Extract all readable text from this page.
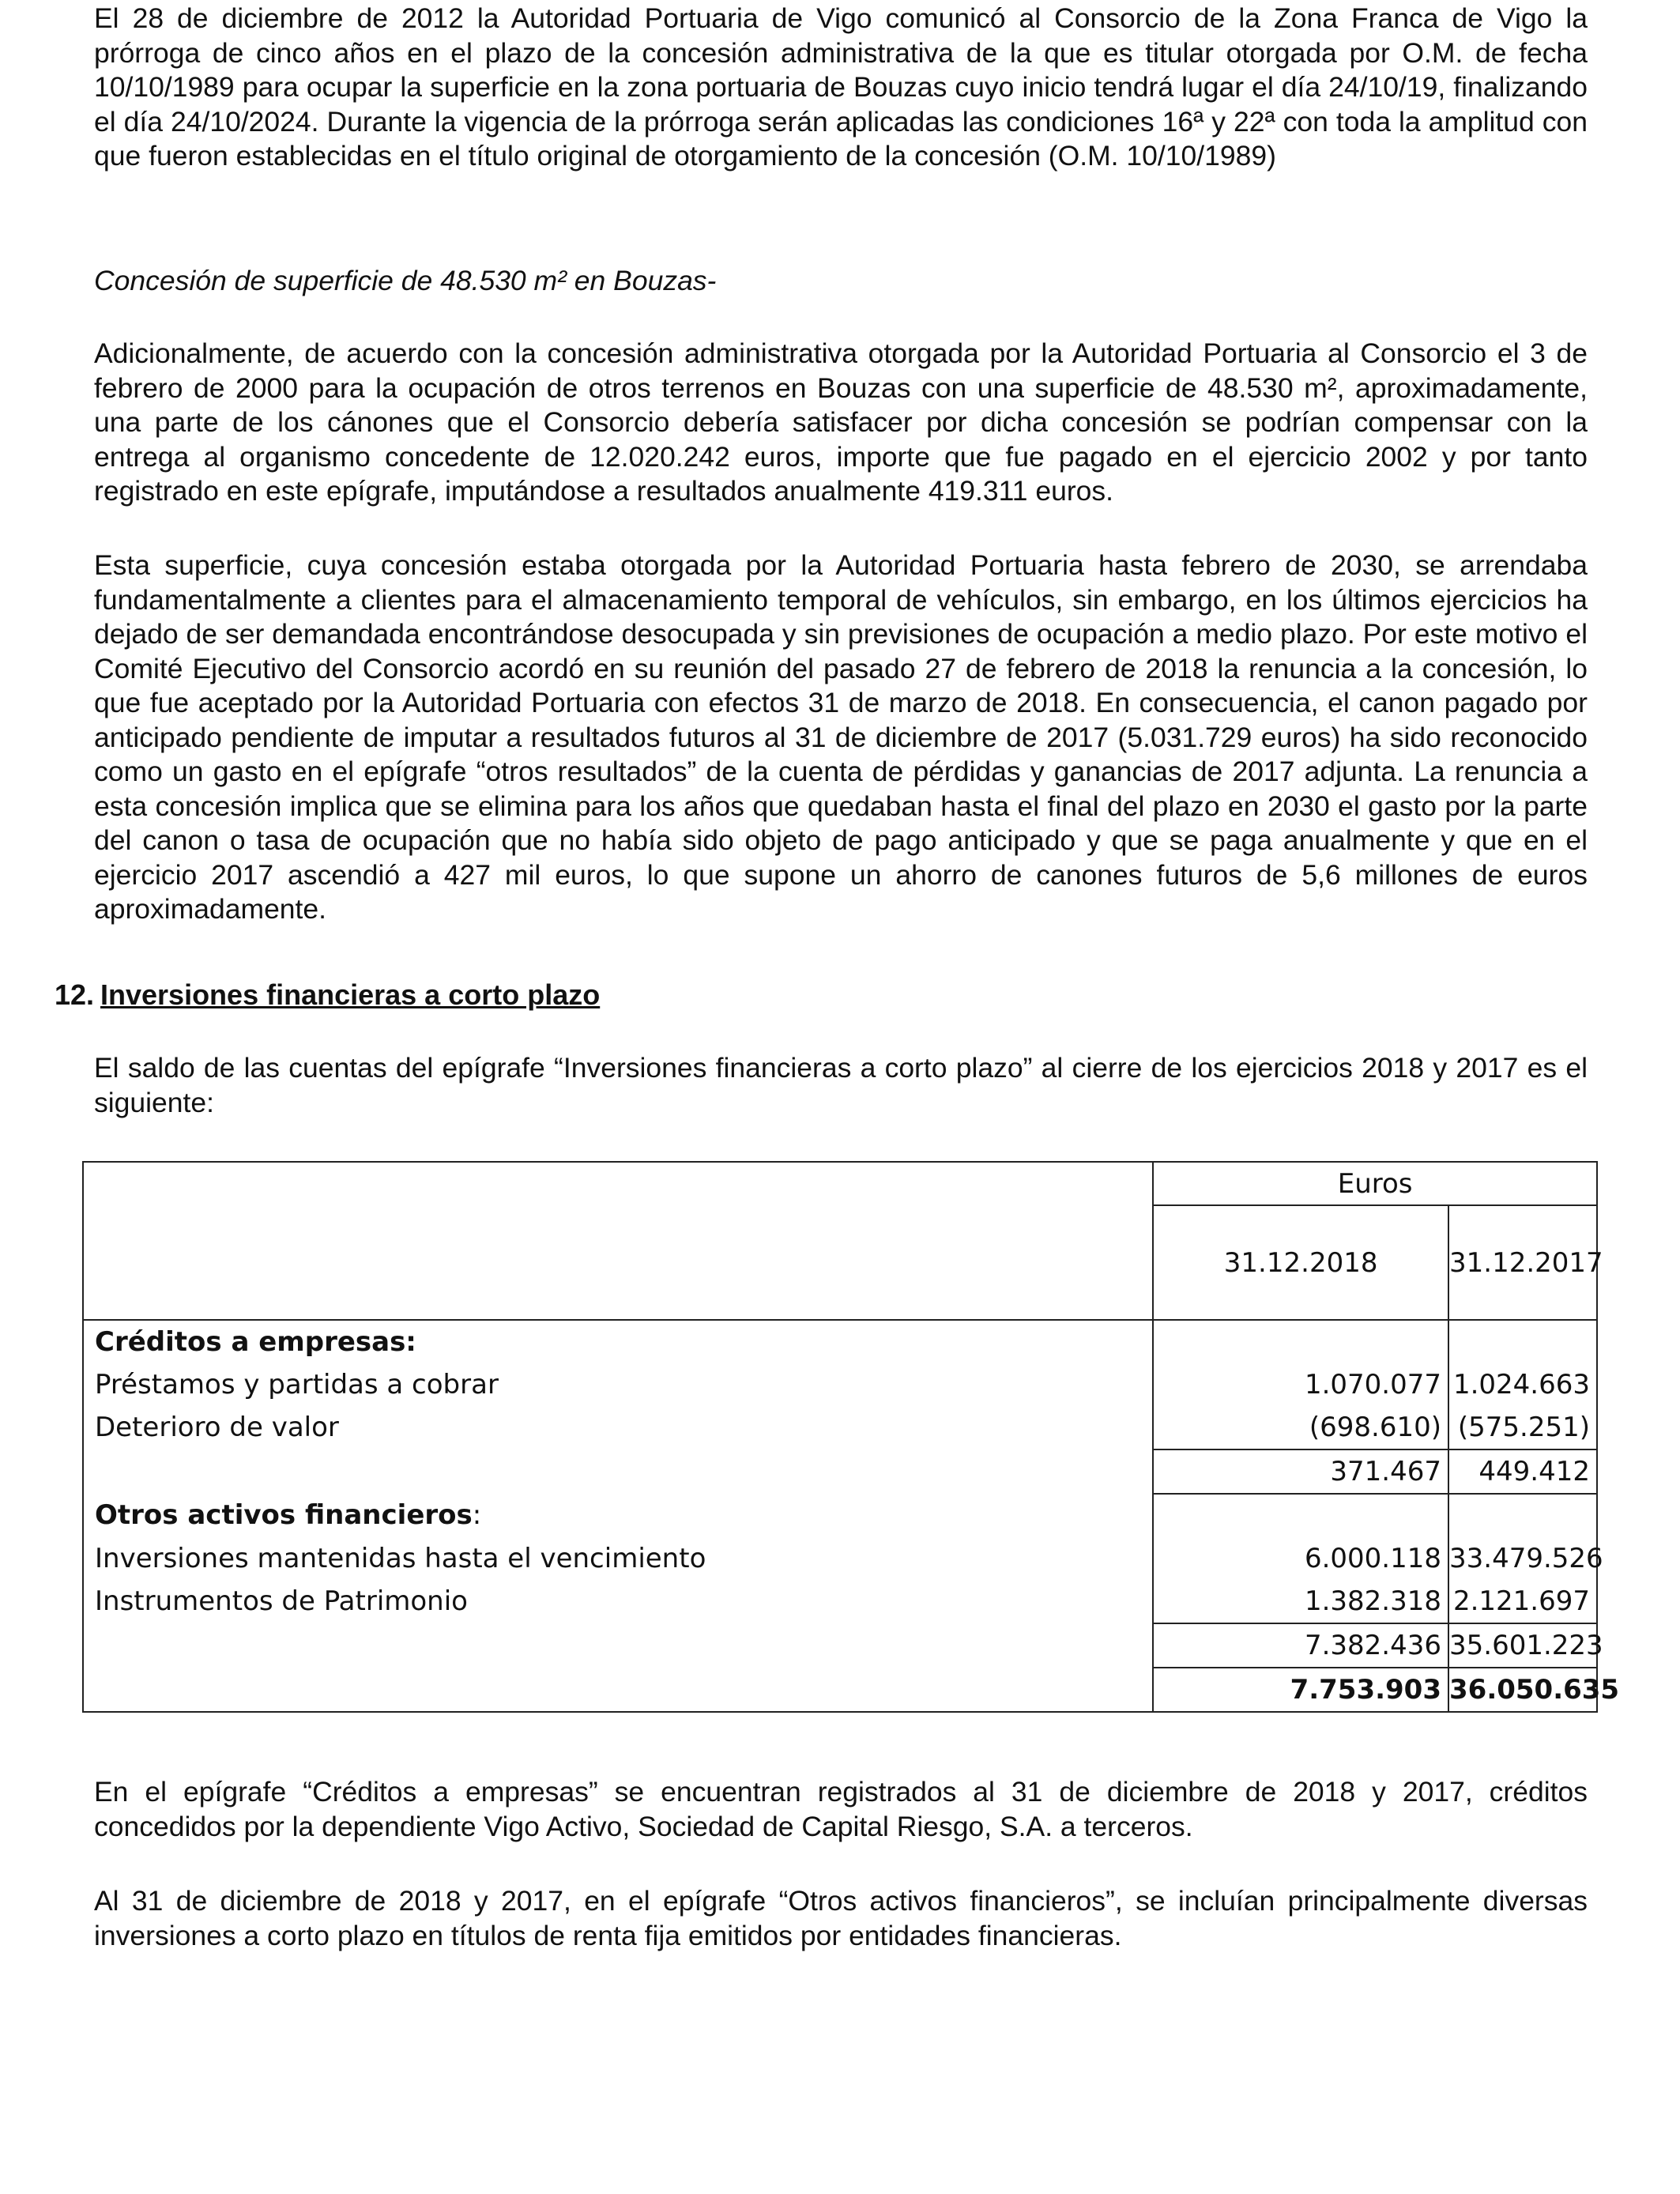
El 28 de diciembre de 2012 la Autoridad Portuaria de Vigo comunicó al Consorcio de la Zona Franca de Vigo la prórroga de cinco años en el plazo de la concesión administrativa de la que es titular otorgada por O.M. de fecha 10/10/1989 para ocupar la superficie en la zona portuaria de Bouzas cuyo inicio tendrá lugar el día 24/10/19, finalizando el día 24/10/2024. Durante la vigencia de la prórroga serán aplicadas las condiciones 16ª y 22ª con toda la amplitud con que fueron establecidas en el título original de otorgamiento de la concesión (O.M. 10/10/1989)

Concesión de superficie de 48.530 m² en Bouzas-

Adicionalmente, de acuerdo con la concesión administrativa otorgada por la Autoridad Portuaria al Consorcio el 3 de febrero de 2000 para la ocupación de otros terrenos en Bouzas con una superficie de 48.530 m², aproximadamente, una parte de los cánones que el Consorcio debería satisfacer por dicha concesión se podrían compensar con la entrega al organismo concedente de 12.020.242 euros, importe que fue pagado en el ejercicio 2002 y por tanto registrado en este epígrafe, imputándose a resultados anualmente 419.311 euros.

Esta superficie, cuya concesión estaba otorgada por la Autoridad Portuaria hasta febrero de 2030, se arrendaba fundamentalmente a clientes para el almacenamiento temporal de vehículos, sin embargo, en los últimos ejercicios ha dejado de ser demandada encontrándose desocupada y sin previsiones de ocupación a medio plazo. Por este motivo el Comité Ejecutivo del Consorcio acordó en su reunión del pasado 27 de febrero de 2018 la renuncia a la concesión, lo que fue aceptado por la Autoridad Portuaria con efectos 31 de marzo de 2018. En consecuencia, el canon pagado por anticipado pendiente de imputar a resultados futuros al 31 de diciembre de 2017 (5.031.729 euros) ha sido reconocido como un gasto en el epígrafe “otros resultados” de la cuenta de pérdidas y ganancias de 2017 adjunta. La renuncia a esta concesión implica que se elimina para los años que quedaban hasta el final del plazo en 2030 el gasto por la parte del canon o tasa de ocupación que no había sido objeto de pago anticipado y que se paga anualmente y que en el ejercicio 2017 ascendió a 427 mil euros, lo que supone un ahorro de canones futuros de 5,6 millones de euros aproximadamente.

12. Inversiones financieras a corto plazo

El saldo de las cuentas del epígrafe “Inversiones financieras a corto plazo” al cierre de los ejercicios 2018 y 2017 es el siguiente:

	Euros	
	31.12.2018	31.12.2017
Créditos a empresas:		
Préstamos y partidas a cobrar	1.070.077	1.024.663
Deterioro de valor	(698.610)	(575.251)
	371.467	449.412
Otros activos financieros:		
Inversiones mantenidas hasta el vencimiento	6.000.118	33.479.526
Instrumentos de Patrimonio	1.382.318	2.121.697
	7.382.436	35.601.223
	7.753.903	36.050.635

En el epígrafe “Créditos a empresas” se encuentran registrados al 31 de diciembre de 2018 y 2017, créditos concedidos por la dependiente Vigo Activo, Sociedad de Capital Riesgo, S.A. a terceros.

Al 31 de diciembre de 2018 y 2017, en el epígrafe “Otros activos financieros”, se incluían principalmente diversas inversiones a corto plazo en títulos de renta fija emitidos por entidades financieras.
